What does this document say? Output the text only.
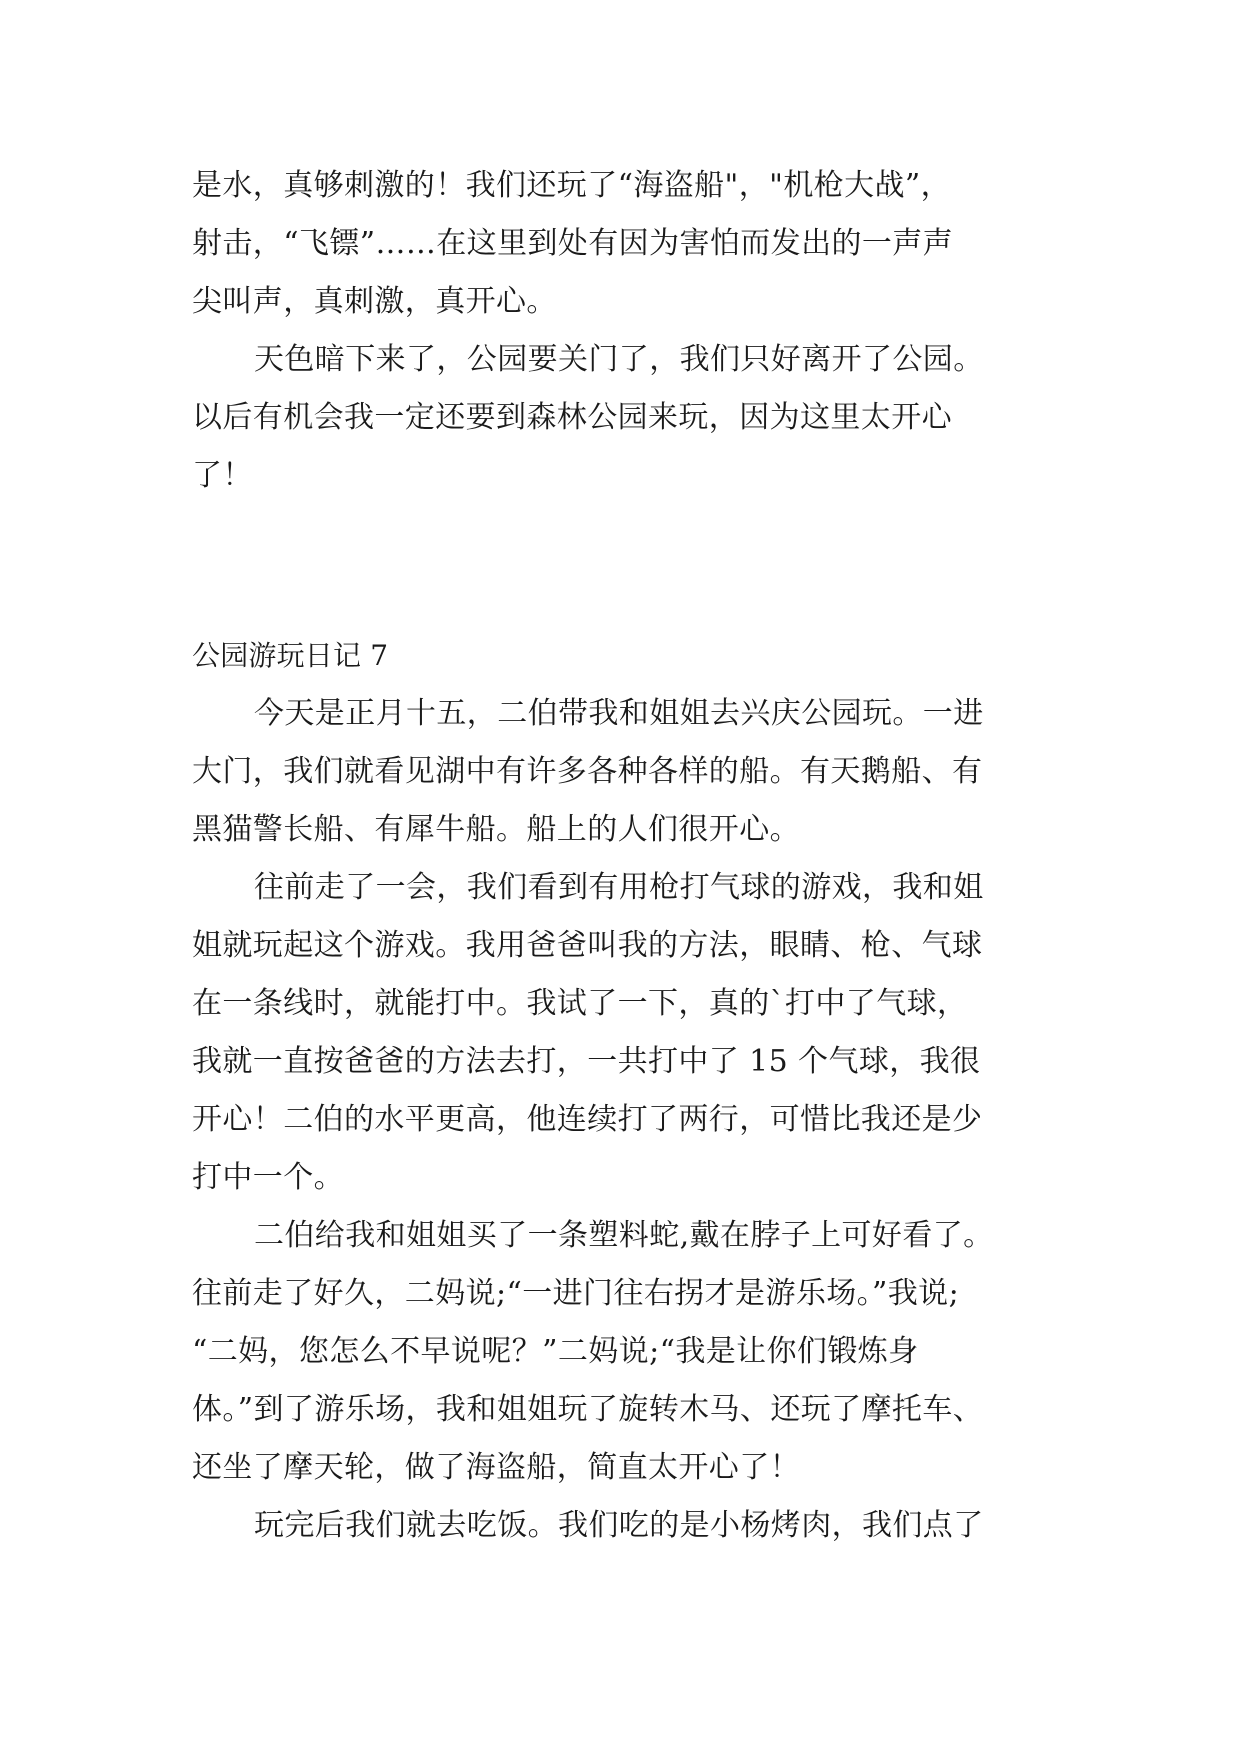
是水，真够刺激的！我们还玩了“海盗船"，"机枪大战”，
射击，“飞镖”……在这里到处有因为害怕而发出的一声声
尖叫声，真刺激，真开心。
天色暗下来了，公园要关门了，我们只好离开了公园。
以后有机会我一定还要到森林公园来玩，因为这里太开心
了！
公园游玩日记 7
今天是正月十五，二伯带我和姐姐去兴庆公园玩。一进
大门，我们就看见湖中有许多各种各样的船。有天鹅船、有
黑猫警长船、有犀牛船。船上的人们很开心。
往前走了一会，我们看到有用枪打气球的游戏，我和姐
姐就玩起这个游戏。我用爸爸叫我的方法，眼睛、枪、气球
在一条线时，就能打中。我试了一下，真的`打中了气球，
我就一直按爸爸的方法去打，一共打中了 15 个气球，我很
开心！二伯的水平更高，他连续打了两行，可惜比我还是少
打中一个。
二伯给我和姐姐买了一条塑料蛇,戴在脖子上可好看了。
往前走了好久，二妈说;“一进门往右拐才是游乐场。”我说;
“二妈，您怎么不早说呢？”二妈说;“我是让你们锻炼身
体。”到了游乐场，我和姐姐玩了旋转木马、还玩了摩托车、
还坐了摩天轮，做了海盗船，简直太开心了！
玩完后我们就去吃饭。我们吃的是小杨烤肉，我们点了
